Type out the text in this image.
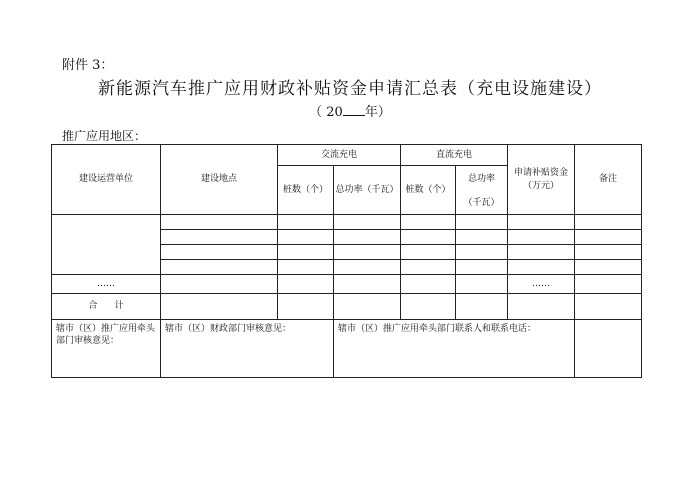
附件 3：
新能源汽车推广应用财政补贴资金申请汇总表（充电设施建设）
（ 20 年）
推广应用地区：
建设运营单位	建设地点	交流充电		直流充电		申请补贴资金（万元）	备注
		桩数（个）	总功率（千瓦）	桩数（个）	总功率		
					（千瓦）		

……						……	
合      计							
辖市（区）推广应用牵头部门审核意见：	辖市（区）财政部门审核意见：		辖市（区）推广应用牵头部门联系人和联系电话：				
